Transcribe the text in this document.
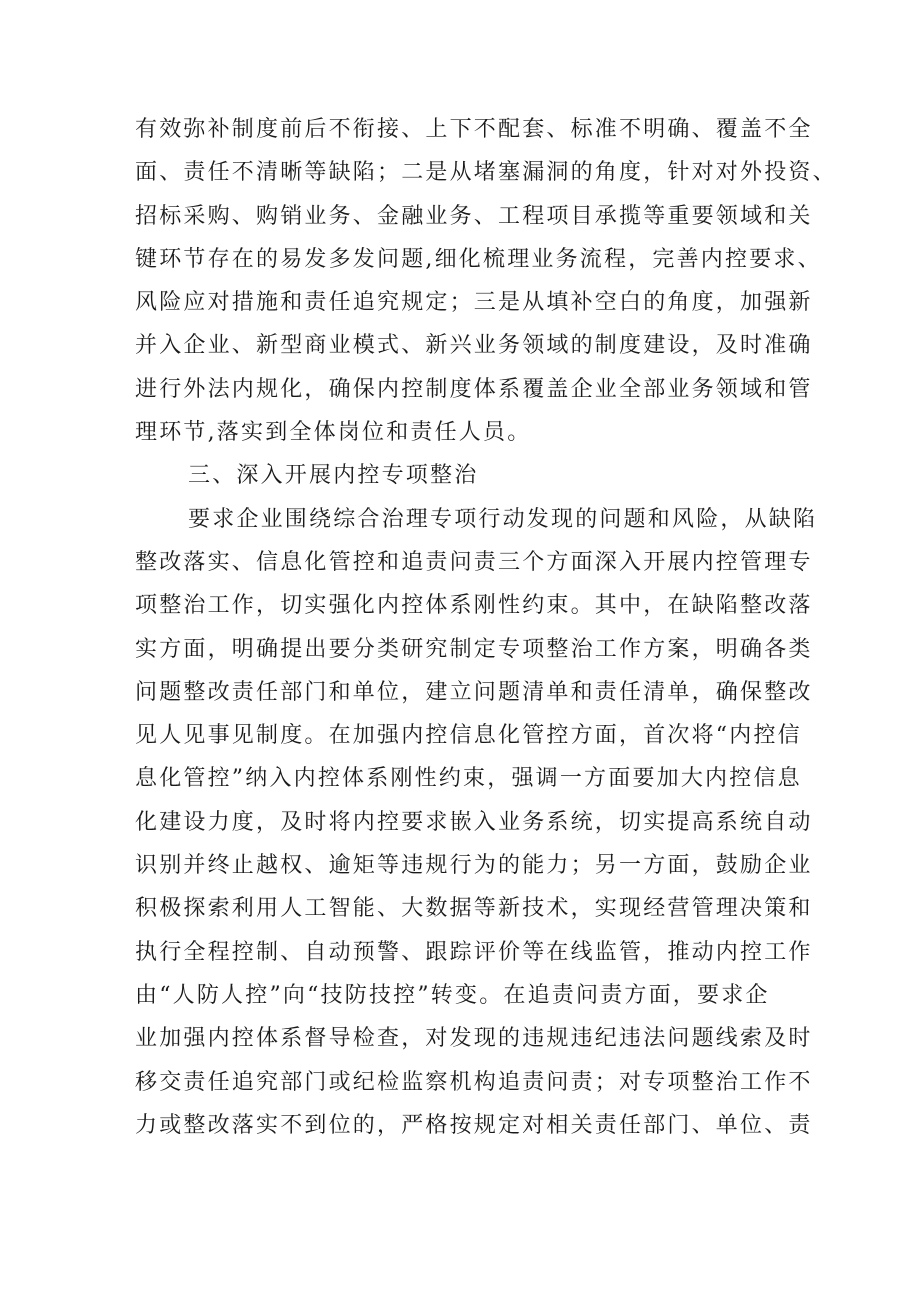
有效弥补制度前后不衔接、上下不配套、标准不明确、覆盖不全
面、责任不清晰等缺陷；二是从堵塞漏洞的角度，针对对外投资、
招标采购、购销业务、金融业务、工程项目承揽等重要领域和关
键环节存在的易发多发问题,细化梳理业务流程，完善内控要求、
风险应对措施和责任追究规定；三是从填补空白的角度，加强新
并入企业、新型商业模式、新兴业务领域的制度建设，及时准确
进行外法内规化，确保内控制度体系覆盖企业全部业务领域和管
理环节,落实到全体岗位和责任人员。
三、深入开展内控专项整治
要求企业围绕综合治理专项行动发现的问题和风险，从缺陷
整改落实、信息化管控和追责问责三个方面深入开展内控管理专
项整治工作，切实强化内控体系刚性约束。其中，在缺陷整改落
实方面，明确提出要分类研究制定专项整治工作方案，明确各类
问题整改责任部门和单位，建立问题清单和责任清单，确保整改
见人见事见制度。在加强内控信息化管控方面，首次将“内控信
息化管控”纳入内控体系刚性约束，强调一方面要加大内控信息
化建设力度，及时将内控要求嵌入业务系统，切实提高系统自动
识别并终止越权、逾矩等违规行为的能力；另一方面，鼓励企业
积极探索利用人工智能、大数据等新技术，实现经营管理决策和
执行全程控制、自动预警、跟踪评价等在线监管，推动内控工作
由“人防人控”向“技防技控”转变。在追责问责方面，要求企
业加强内控体系督导检查，对发现的违规违纪违法问题线索及时
移交责任追究部门或纪检监察机构追责问责；对专项整治工作不
力或整改落实不到位的，严格按规定对相关责任部门、单位、责
